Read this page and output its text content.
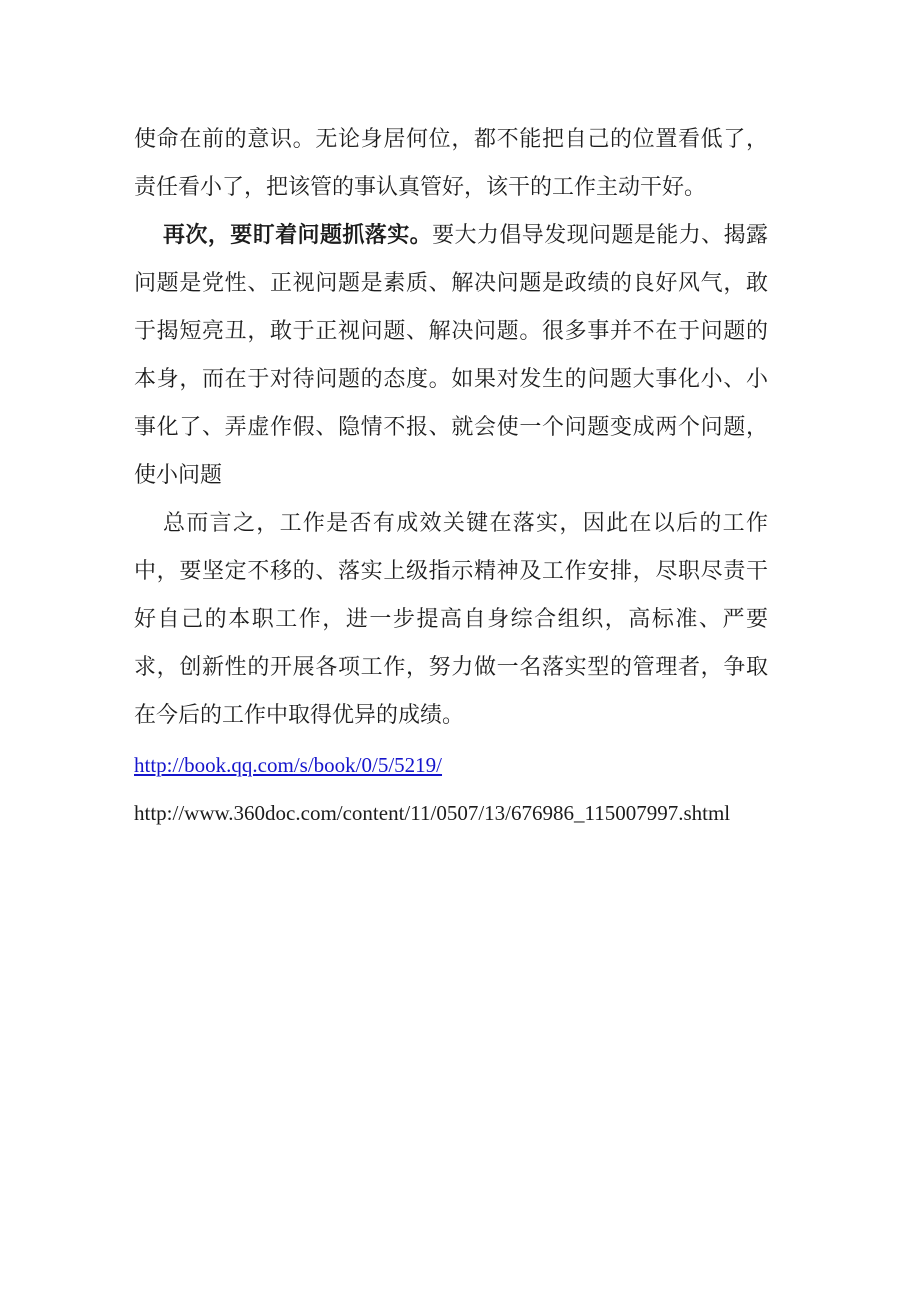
使命在前的意识。无论身居何位，都不能把自己的位置看低了，责任看小了，把该管的事认真管好，该干的工作主动干好。

再次，要盯着问题抓落实。要大力倡导发现问题是能力、揭露问题是党性、正视问题是素质、解决问题是政绩的良好风气，敢于揭短亮丑，敢于正视问题、解决问题。很多事并不在于问题的本身，而在于对待问题的态度。如果对发生的问题大事化小、小事化了、弄虚作假、隐情不报、就会使一个问题变成两个问题，使小问题

总而言之，工作是否有成效关键在落实，因此在以后的工作中，要坚定不移的、落实上级指示精神及工作安排，尽职尽责干好自己的本职工作，进一步提高自身综合组织，高标准、严要求，创新性的开展各项工作，努力做一名落实型的管理者，争取在今后的工作中取得优异的成绩。

http://book.qq.com/s/book/0/5/5219/
http://www.360doc.com/content/11/0507/13/676986_115007997.shtml
